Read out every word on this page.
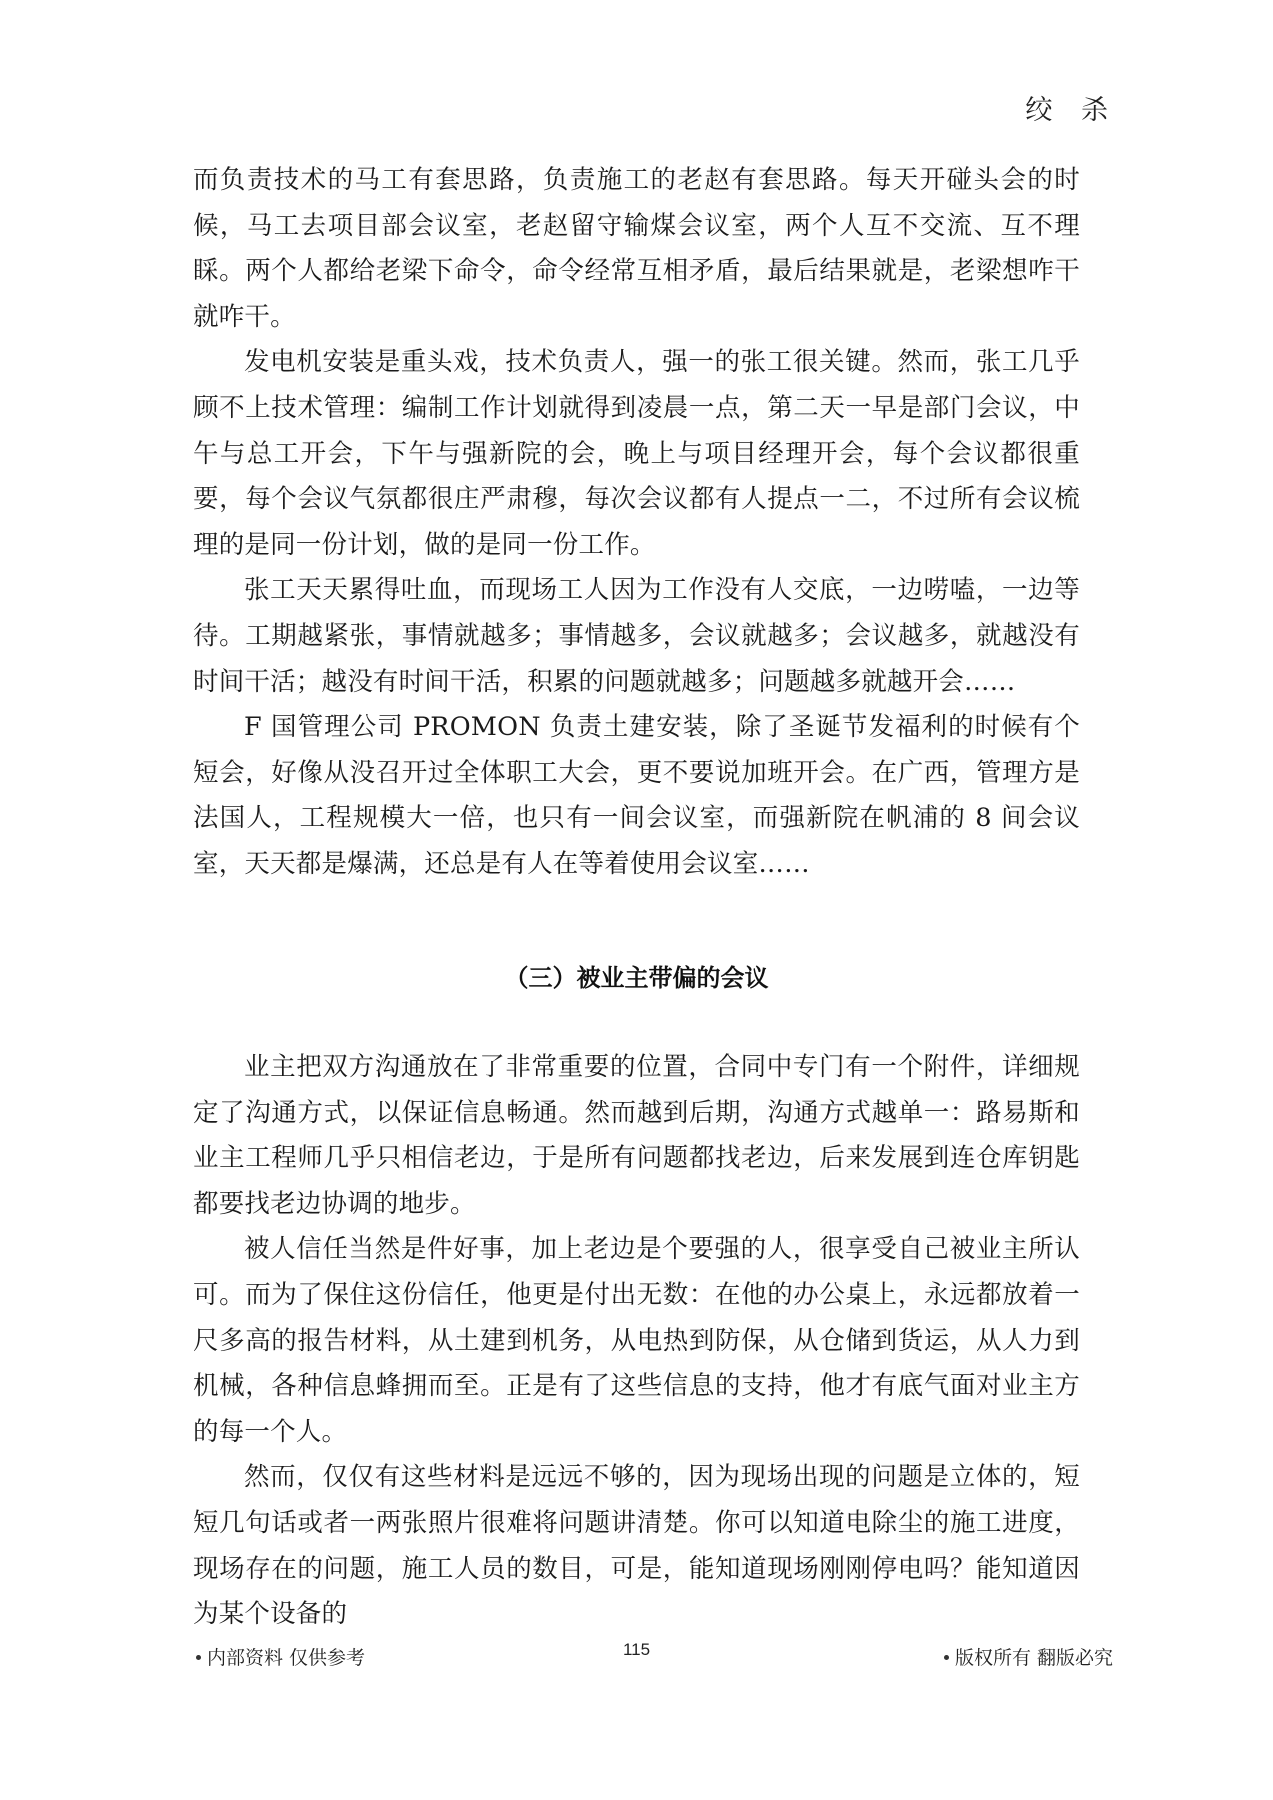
绞 杀

而负责技术的马工有套思路，负责施工的老赵有套思路。每天开碰头会的时候，马工去项目部会议室，老赵留守输煤会议室，两个人互不交流、互不理睬。两个人都给老梁下命令，命令经常互相矛盾，最后结果就是，老梁想咋干就咋干。

发电机安装是重头戏，技术负责人，强一的张工很关键。然而，张工几乎顾不上技术管理：编制工作计划就得到凌晨一点，第二天一早是部门会议，中午与总工开会，下午与强新院的会，晚上与项目经理开会，每个会议都很重要，每个会议气氛都很庄严肃穆，每次会议都有人提点一二，不过所有会议梳理的是同一份计划，做的是同一份工作。

张工天天累得吐血，而现场工人因为工作没有人交底，一边唠嗑，一边等待。工期越紧张，事情就越多；事情越多，会议就越多；会议越多，就越没有时间干活；越没有时间干活，积累的问题就越多；问题越多就越开会……

F 国管理公司 PROMON 负责土建安装，除了圣诞节发福利的时候有个短会，好像从没召开过全体职工大会，更不要说加班开会。在广西，管理方是法国人，工程规模大一倍，也只有一间会议室，而强新院在帆浦的 8 间会议室，天天都是爆满，还总是有人在等着使用会议室……

（三）被业主带偏的会议

业主把双方沟通放在了非常重要的位置，合同中专门有一个附件，详细规定了沟通方式，以保证信息畅通。然而越到后期，沟通方式越单一：路易斯和业主工程师几乎只相信老边，于是所有问题都找老边，后来发展到连仓库钥匙都要找老边协调的地步。

被人信任当然是件好事，加上老边是个要强的人，很享受自己被业主所认可。而为了保住这份信任，他更是付出无数：在他的办公桌上，永远都放着一尺多高的报告材料，从土建到机务，从电热到防保，从仓储到货运，从人力到机械，各种信息蜂拥而至。正是有了这些信息的支持，他才有底气面对业主方的每一个人。

然而，仅仅有这些材料是远远不够的，因为现场出现的问题是立体的，短短几句话或者一两张照片很难将问题讲清楚。你可以知道电除尘的施工进度，现场存在的问题，施工人员的数目，可是，能知道现场刚刚停电吗？能知道因为某个设备的

内部资料 仅供参考	115	版权所有 翻版必究
